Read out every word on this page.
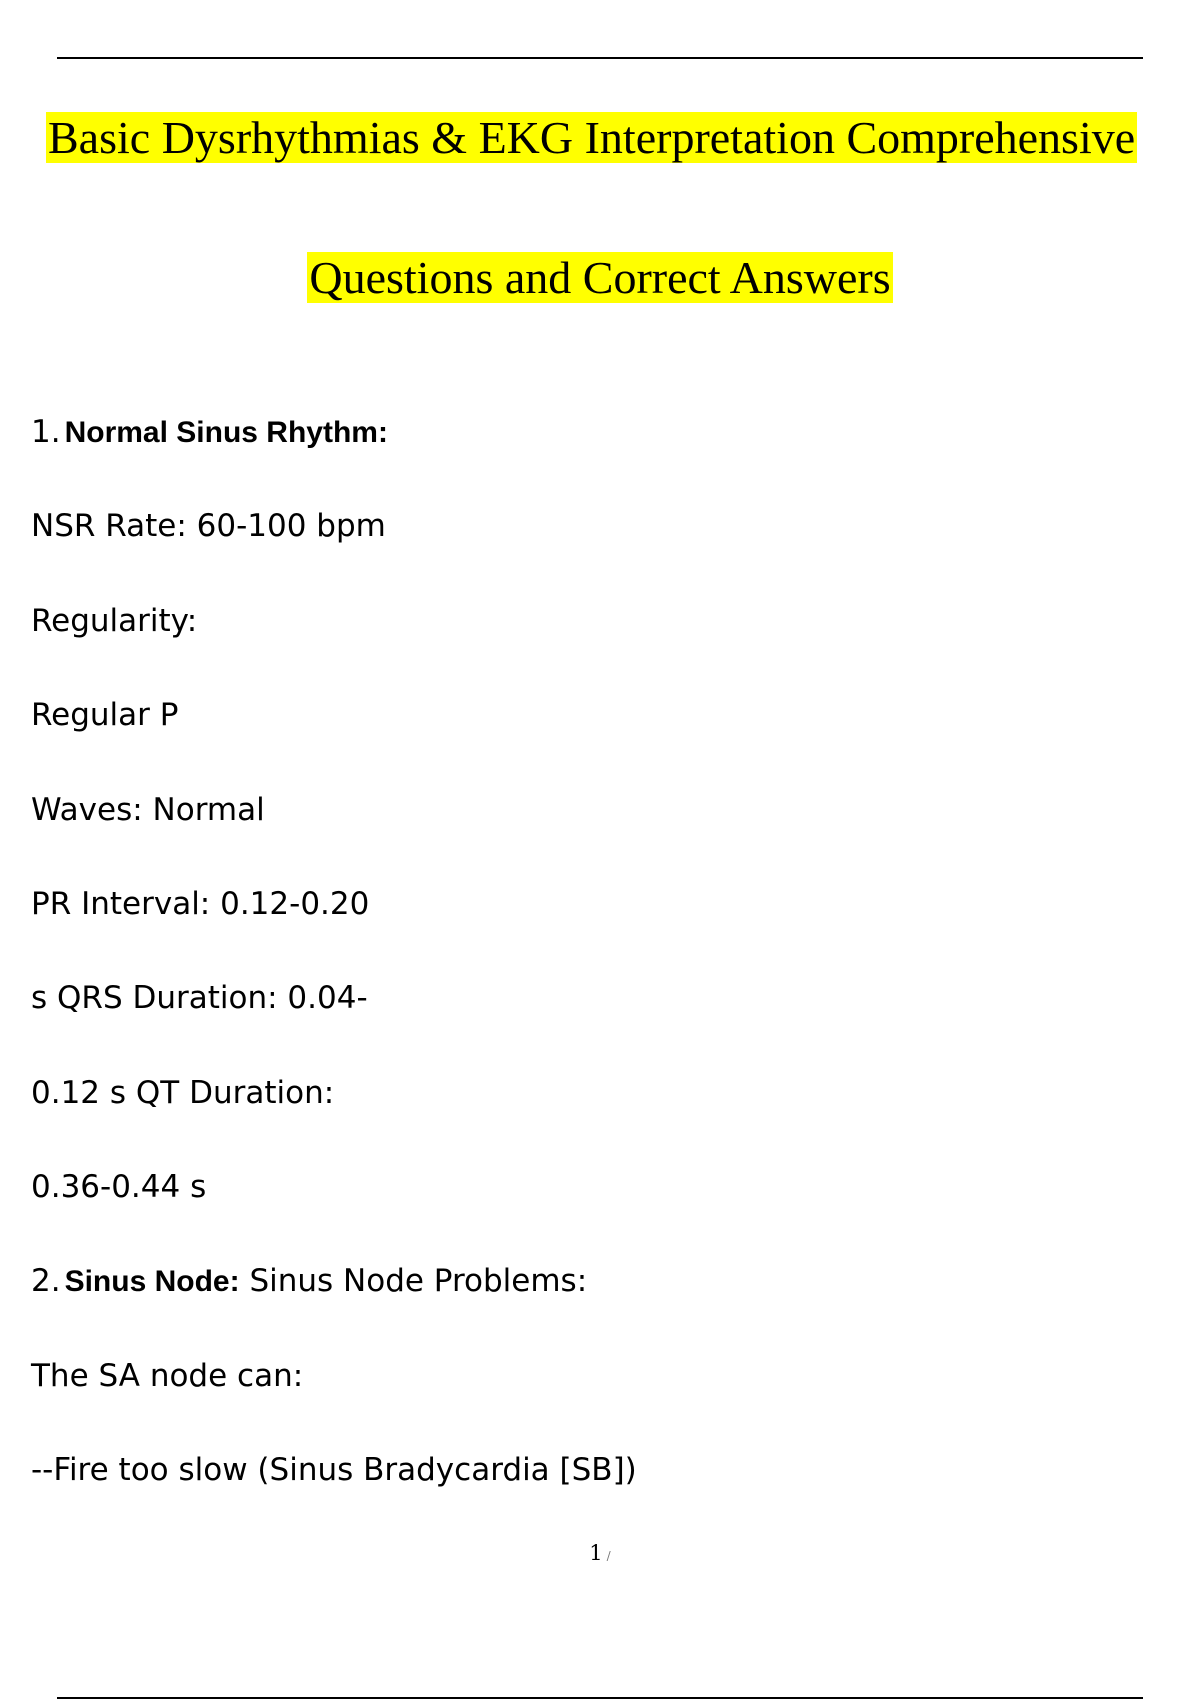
Basic Dysrhythmias & EKG Interpretation Comprehensive
Questions and Correct Answers
1. Normal Sinus Rhythm:
NSR Rate: 60-100 bpm
Regularity:
Regular P
Waves: Normal
PR Interval: 0.12-0.20
s QRS Duration: 0.04-
0.12 s QT Duration:
0.36-0.44 s
2. Sinus Node: Sinus Node Problems:
The SA node can:
--Fire too slow (Sinus Bradycardia [SB])
1 /
